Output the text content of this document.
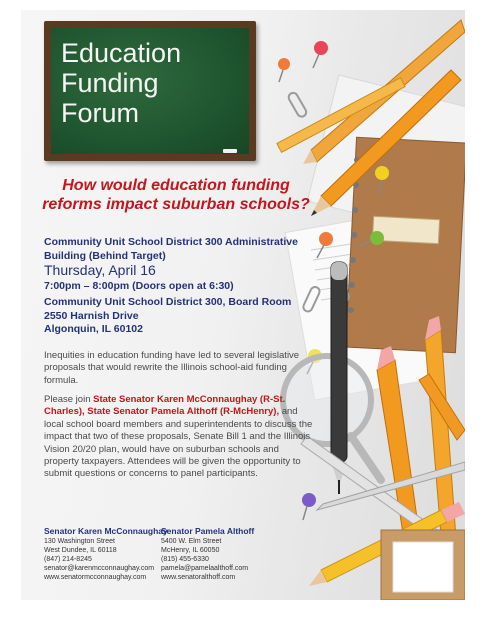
Education
Funding
Forum
How would education funding
reforms impact suburban schools?
Community Unit School District 300 Administrative
Building (Behind Target)
Thursday, April 16
7:00pm – 8:00pm (Doors open at 6:30)
Community Unit School District 300, Board Room
2550 Harnish Drive
Algonquin, IL 60102

Inequities in education funding have led to several legislative proposals that would rewrite the Illinois school-aid funding formula.

Please join State Senator Karen McConnaughay (R-St. Charles), State Senator Pamela Althoff (R-McHenry), and local school board members and superintendents to discuss the impact that two of these proposals, Senate Bill 1 and the Illinois Vision 20/20 plan, would have on suburban schools and property taxpayers. Attendees will be given the opportunity to submit questions or concerns to panel participants.

Senator Karen McConnaughay
130 Washington Street
West Dundee, IL 60118
(847) 214-8245
senator@karenmcconnaughay.com
www.senatormcconnaughay.com
Senator Pamela Althoff
5400 W. Elm Street
McHenry, IL 60050
(815) 455-6330
pamela@pamelaalthoff.com
www.senatoralthoff.com
